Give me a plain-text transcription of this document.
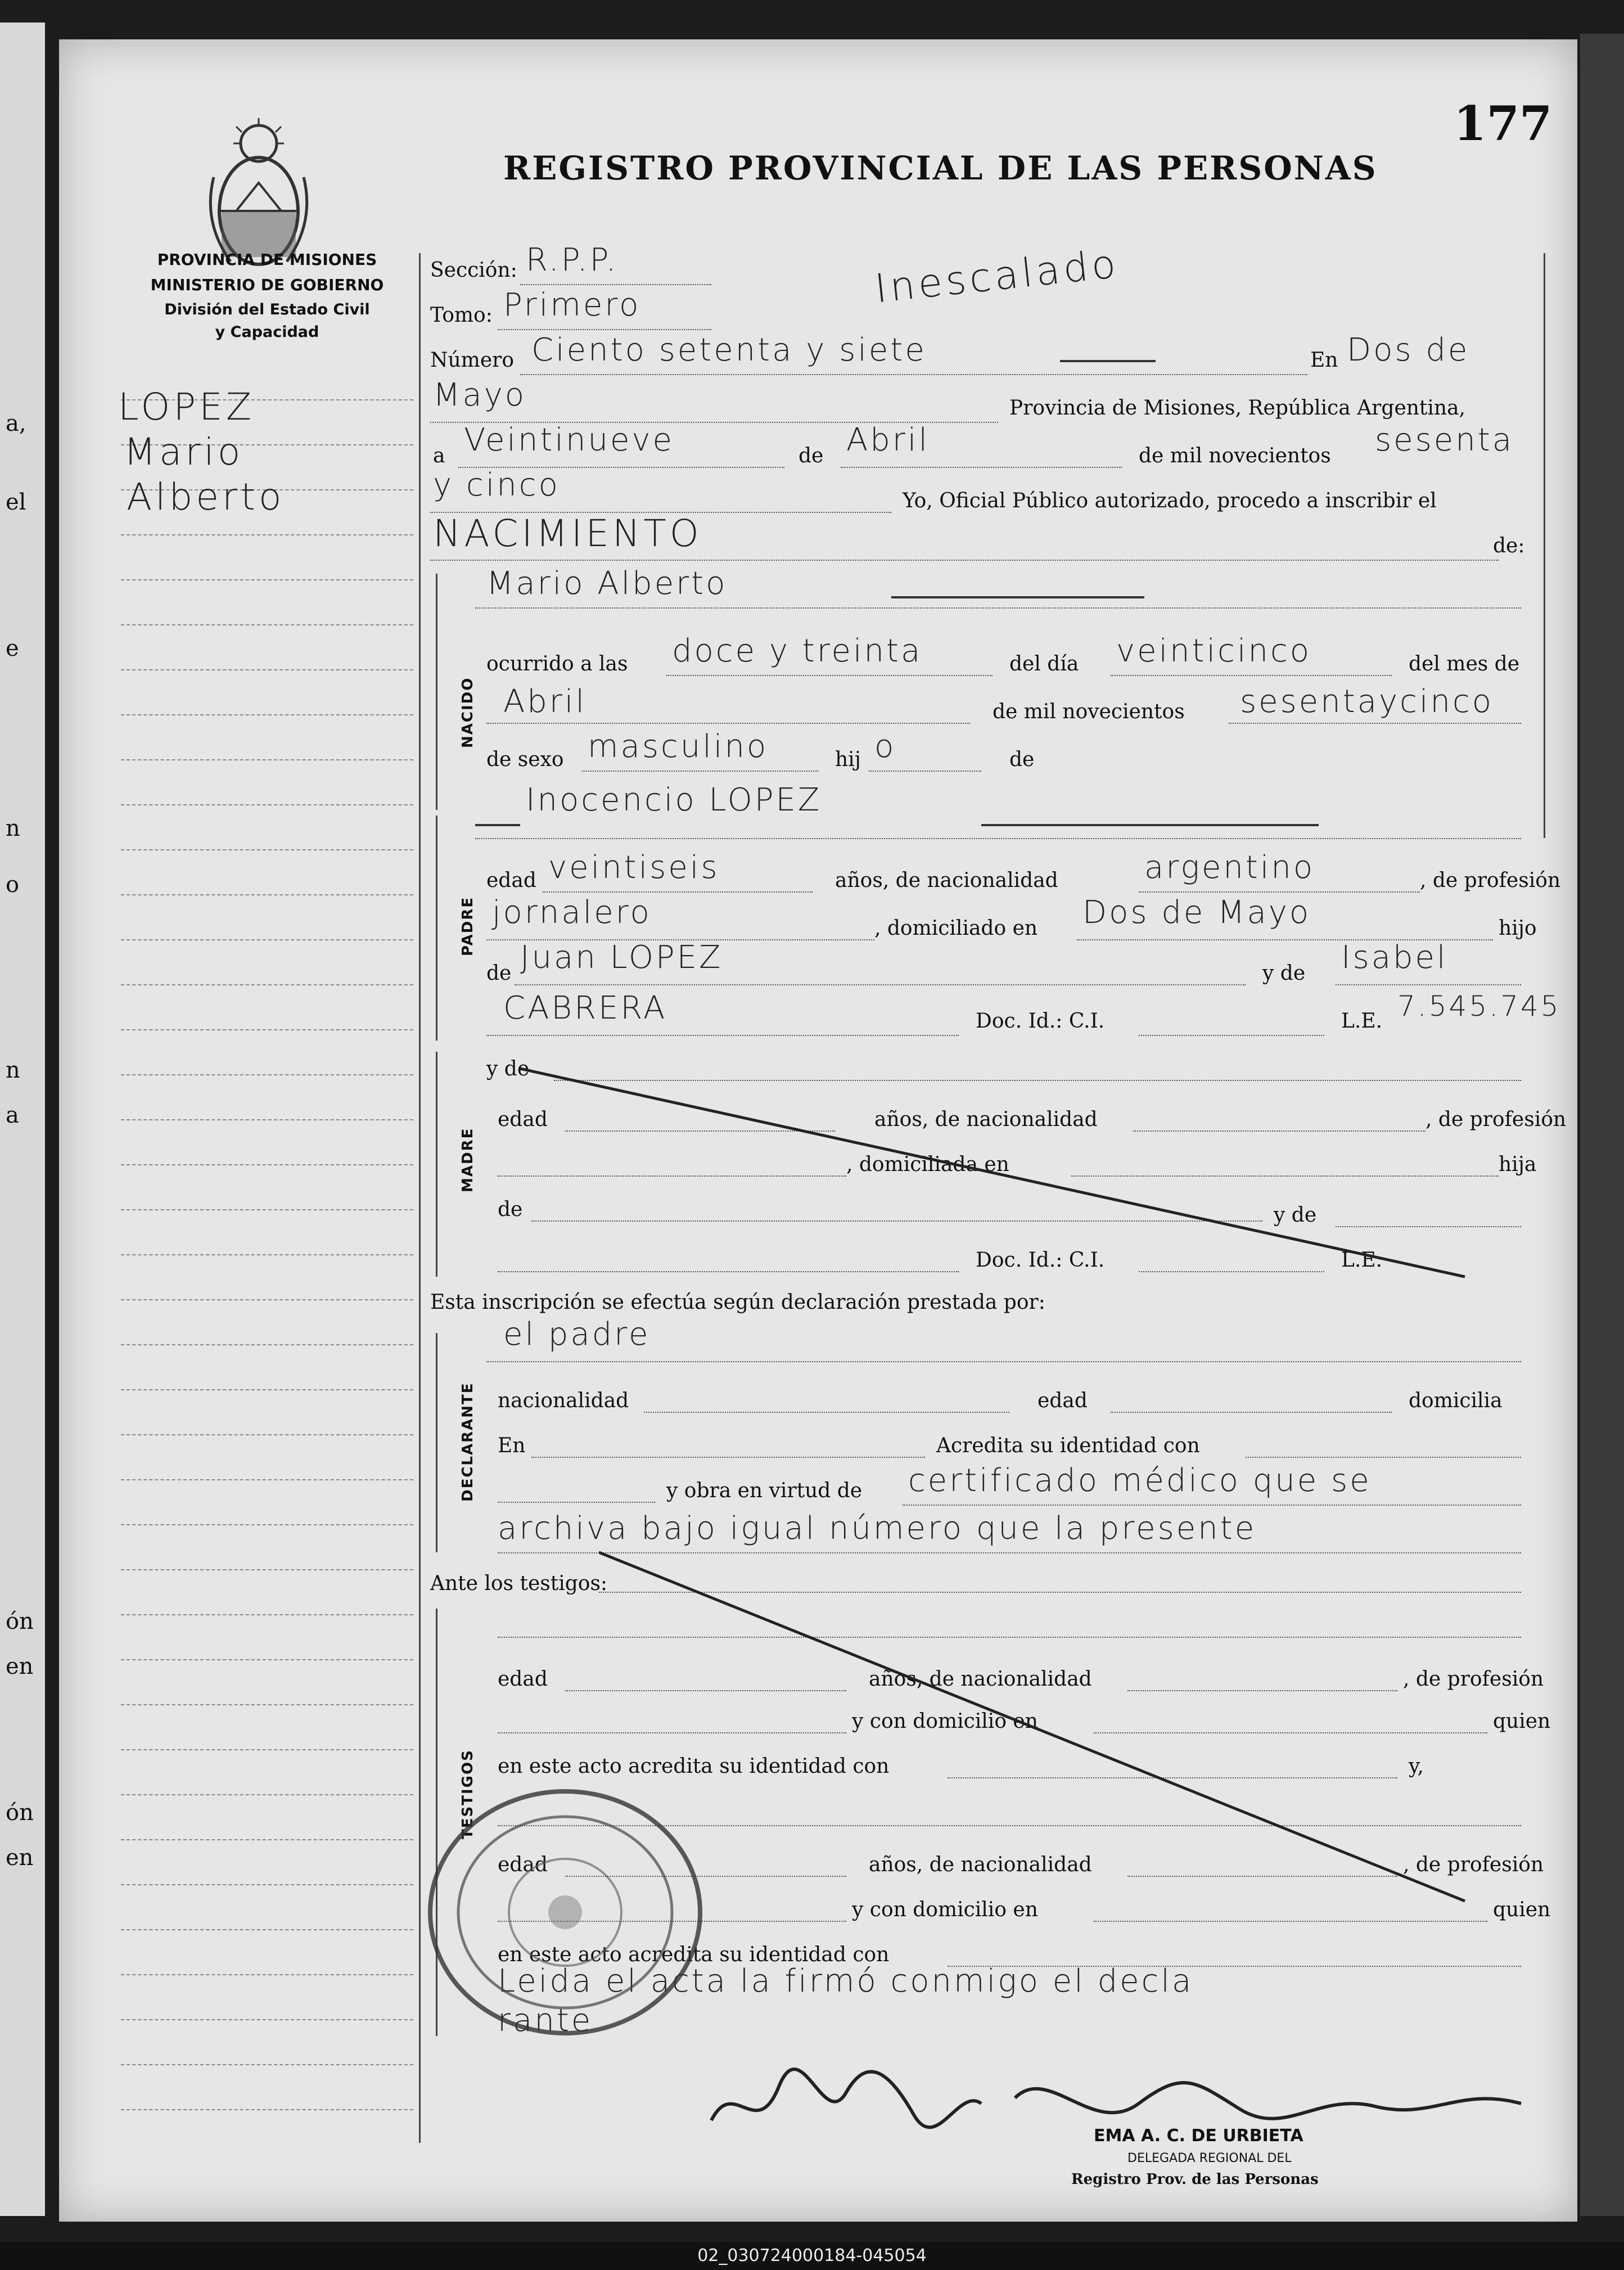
a,
el
e
n
o
n
a
ón
en
ón
en
177
REGISTRO PROVINCIAL DE LAS PERSONAS
PROVINCIA DE MISIONES
MINISTERIO DE GOBIERNO
División del Estado Civil
y Capacidad
LOPEZ
Mario
Alberto
Inescalado
Sección: R.P.P.
Tomo: Primero
Número Ciento setenta y siete	En Dos de
Mayo	Provincia de Misiones, República Argentina,
a Veintinueve	de Abril	de mil novecientos sesenta
y cinco	Yo, Oficial Público autorizado, procedo a inscribir el
NACIMIENTO	de:
NACIDO
Mario Alberto
ocurrido a las doce y treinta	del día veinticinco	del mes de
Abril	de mil novecientos sesentaycinco
de sexo masculino	hij o	de
PADRE
Inocencio LOPEZ
edad veintiseis	años, de nacionalidad	argentino	, de profesión
jornalero	, domiciliado en Dos de Mayo	hijo
de Juan LOPEZ	y de Isabel
CABRERA	Doc. Id.: C.I.	L.E. 7.545.745
MADRE
y de
edad	años, de nacionalidad	, de profesión
, domiciliada en	hija
de	y de
Doc. Id.: C.I.	L.E.
Esta inscripción se efectúa según declaración prestada por:
DECLARANTE
el padre
nacionalidad	edad	domicilia
En	Acredita su identidad con
y obra en virtud de certificado médico que se
archiva bajo igual número que la presente
Ante los testigos:
TESTIGOS
edad	años, de nacionalidad	, de profesión
y con domicilio en	quien
en este acto acredita su identidad con	y,
edad	años, de nacionalidad	, de profesión
y con domicilio en	quien
en este acto acredita su identidad con
Leida el acta la firmó conmigo el decla
rante
EMA A. C. DE URBIETA
DELEGADA REGIONAL DEL
Registro Prov. de las Personas
02_030724000184-045054
